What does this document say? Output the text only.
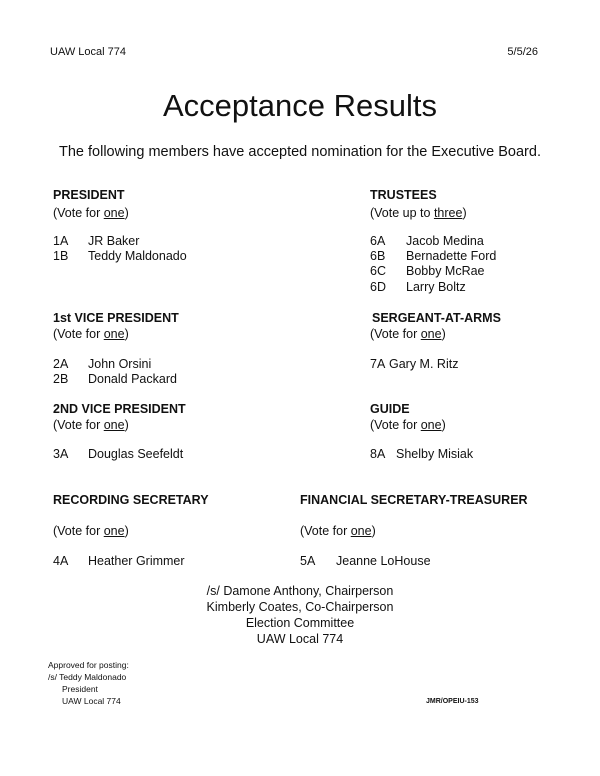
UAW Local 774	5/5/26
Acceptance Results
The following members have accepted nomination for the Executive Board.
PRESIDENT
(Vote for one)
1A JR Baker
1B Teddy Maldonado
TRUSTEES
(Vote up to three)
6A Jacob Medina
6B Bernadette Ford
6C Bobby McRae
6D Larry Boltz
1st VICE PRESIDENT
(Vote for one)
2A John Orsini
2B Donald Packard
SERGEANT-AT-ARMS
(Vote for one)
7A Gary M. Ritz
2ND VICE PRESIDENT
(Vote for one)
3A Douglas Seefeldt
GUIDE
(Vote for one)
8A Shelby Misiak
RECORDING SECRETARY
(Vote for one)
4A Heather Grimmer
FINANCIAL SECRETARY-TREASURER
(Vote for one)
5A Jeanne LoHouse
/s/ Damone Anthony, Chairperson
Kimberly Coates, Co-Chairperson
Election Committee
UAW Local 774
Approved for posting:
/s/ Teddy Maldonado
President
UAW Local 774	JMR/OPEIU-153
